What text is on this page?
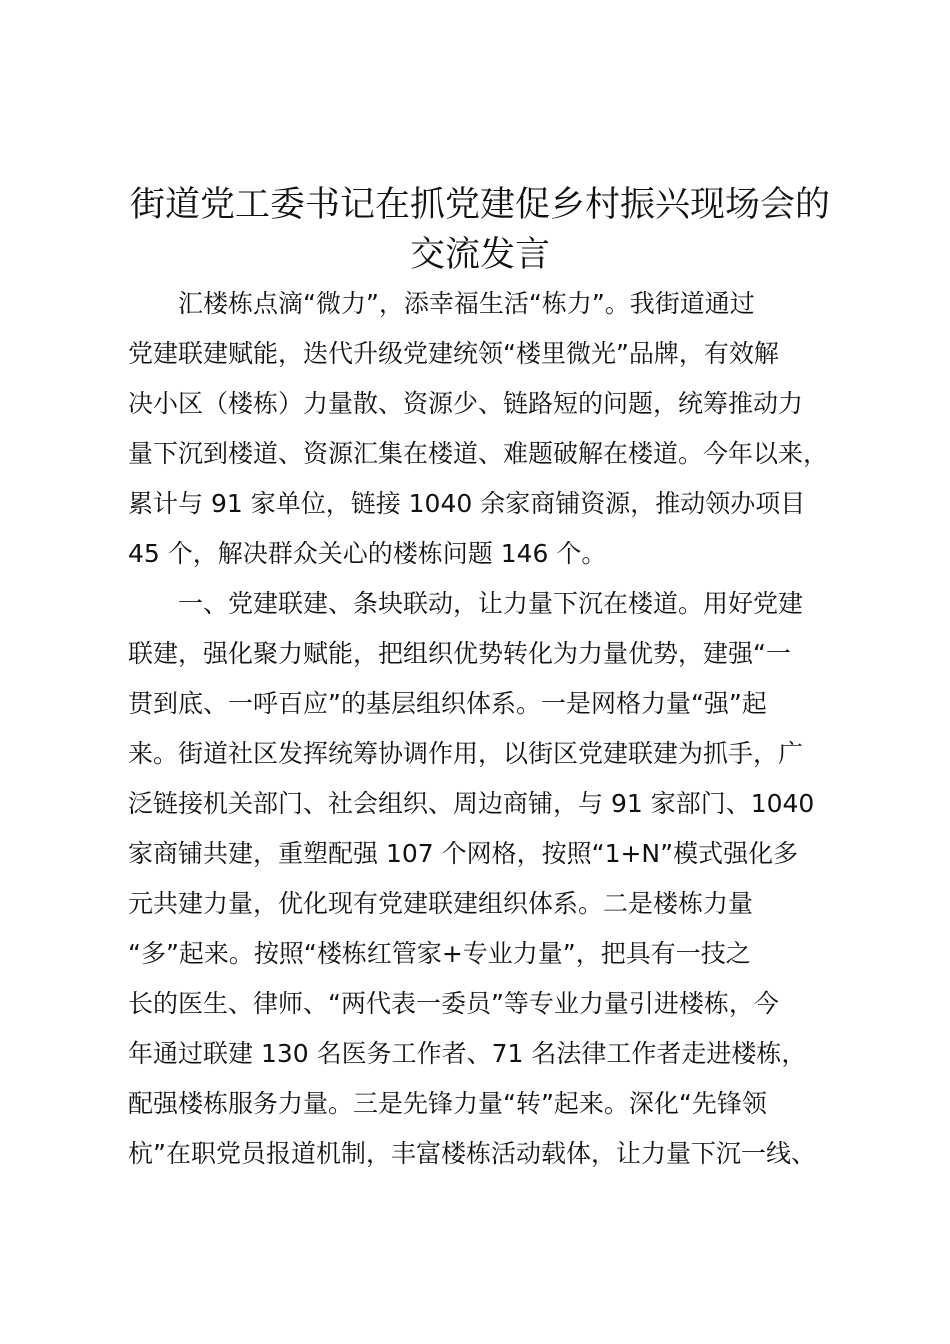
街道党工委书记在抓党建促乡村振兴现场会的
交流发言
　　汇楼栋点滴“微力”，添幸福生活“栋力”。我街道通过
党建联建赋能，迭代升级党建统领“楼里微光”品牌，有效解
决小区（楼栋）力量散、资源少、链路短的问题，统筹推动力
量下沉到楼道、资源汇集在楼道、难题破解在楼道。今年以来，
累计与 91 家单位，链接 1040 余家商铺资源，推动领办项目
45 个，解决群众关心的楼栋问题 146 个。
　　一、党建联建、条块联动，让力量下沉在楼道。用好党建
联建，强化聚力赋能，把组织优势转化为力量优势，建强“一
贯到底、一呼百应”的基层组织体系。一是网格力量“强”起
来。街道社区发挥统筹协调作用，以街区党建联建为抓手，广
泛链接机关部门、社会组织、周边商铺，与 91 家部门、1040
家商铺共建，重塑配强 107 个网格，按照“1+N”模式强化多
元共建力量，优化现有党建联建组织体系。二是楼栋力量
“多”起来。按照“楼栋红管家+专业力量”，把具有一技之
长的医生、律师、“两代表一委员”等专业力量引进楼栋，今
年通过联建 130 名医务工作者、71 名法律工作者走进楼栋，
配强楼栋服务力量。三是先锋力量“转”起来。深化“先锋领
杭”在职党员报道机制，丰富楼栋活动载体，让力量下沉一线、
